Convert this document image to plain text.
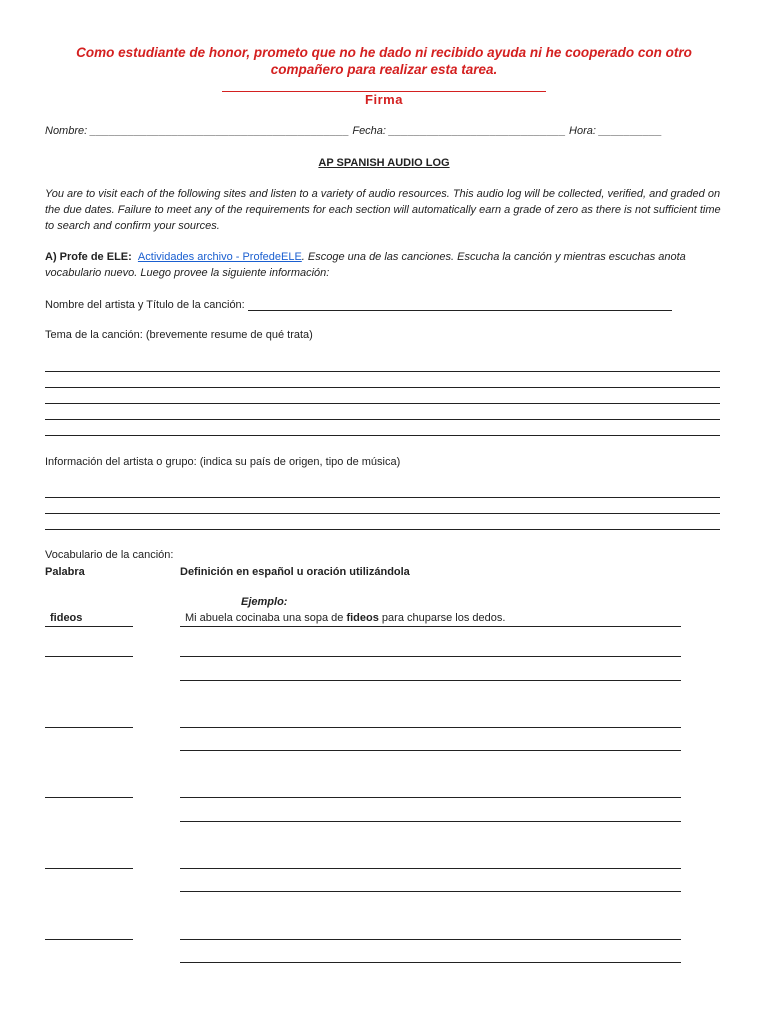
Como estudiante de honor, prometo que no he dado ni recibido ayuda ni he cooperado con otro compañero para realizar esta tarea.
Firma
Nombre: _________________________________________ Fecha: ____________________________ Hora: __________
AP SPANISH AUDIO LOG
You are to visit each of the following sites and listen to a variety of audio resources. This audio log will be collected, verified, and graded on the due dates. Failure to meet any of the requirements for each section will automatically earn a grade of zero as there is not sufficient time to search and confirm your sources.
A) Profe de ELE: Actividades archivo - ProfedeELE. Escoge una de las canciones. Escucha la canción y mientras escuchas anota vocabulario nuevo. Luego provee la siguiente información:
Nombre del artista y Título de la canción:
Tema de la canción: (brevemente resume de qué trata)
Información del artista o grupo: (indica su país de origen, tipo de música)
Vocabulario de la canción:
Palabra	Definición en español u oración utilizándola
Ejemplo:
fideos	Mi abuela cocinaba una sopa de fideos para chuparse los dedos.
